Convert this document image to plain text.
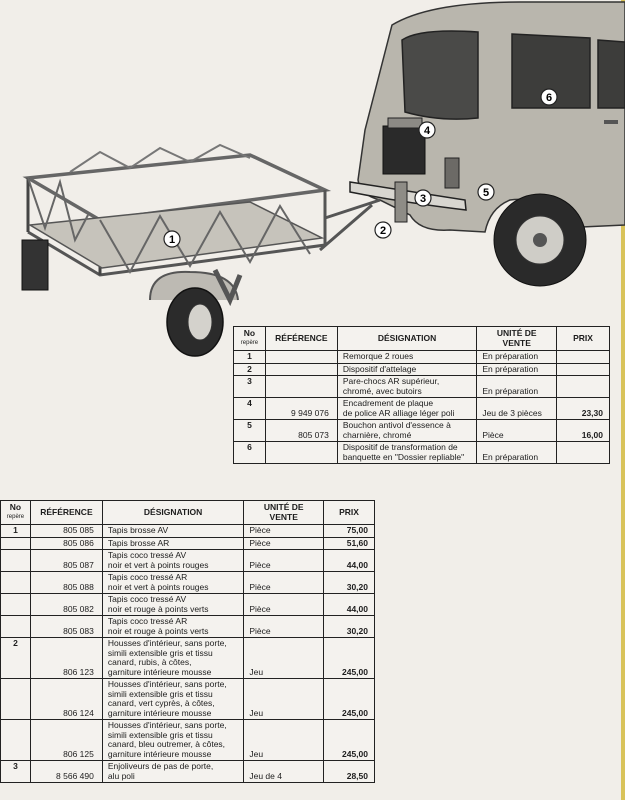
1
2
3
4
5
6
No
repère	RÉFÉRENCE	DÉSIGNATION	UNITÉ DE
VENTE	PRIX
1		Remorque 2 roues	En préparation	
2		Dispositif d'attelage	En préparation	
3		Pare-chocs AR supérieur,
chromé, avec butoirs	En préparation	
4	9 949 076	Encadrement de plaque
de police AR alliage léger poli	Jeu de 3 pièces	23,30
5	805 073	Bouchon antivol d'essence à
charnière, chromé	Pièce	16,00
6		Dispositif de transformation de
banquette en "Dossier repliable"	En préparation	
No
repère	RÉFÉRENCE	DÉSIGNATION	UNITÉ DE
VENTE	PRIX
1	805 085	Tapis brosse AV	Pièce	75,00
	805 086	Tapis brosse AR	Pièce	51,60
	805 087	Tapis coco tressé AV
noir et vert à points rouges	Pièce	44,00
	805 088	Tapis coco tressé AR
noir et vert à points rouges	Pièce	30,20
	805 082	Tapis coco tressé AV
noir et rouge à points verts	Pièce	44,00
	805 083	Tapis coco tressé AR
noir et rouge à points verts	Pièce	30,20
2	806 123	Housses d'intérieur, sans porte,
simili extensible gris et tissu
canard, rubis, à côtes,
garniture intérieure mousse	Jeu	245,00
	806 124	Housses d'intérieur, sans porte,
simili extensible gris et tissu
canard, vert cyprès, à côtes,
garniture intérieure mousse	Jeu	245,00
	806 125	Housses d'intérieur, sans porte,
simili extensible gris et tissu
canard, bleu outremer, à côtes,
garniture intérieure mousse	Jeu	245,00
3	8 566 490	Enjoliveurs de pas de porte,
alu poli	Jeu de 4	28,50
